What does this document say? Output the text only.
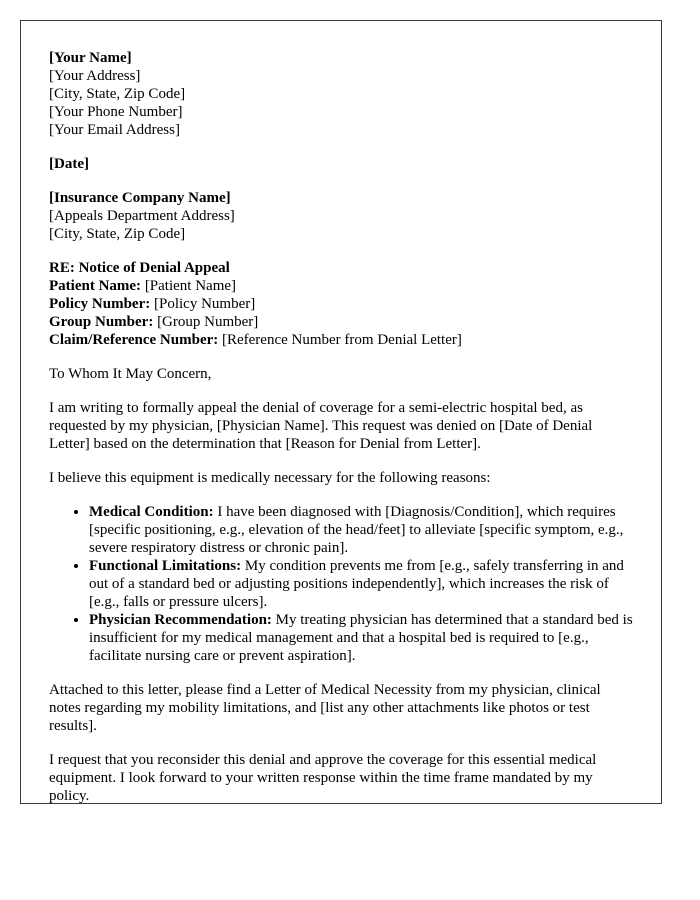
[Your Name]
[Your Address]
[City, State, Zip Code]
[Your Phone Number]
[Your Email Address]
[Date]
[Insurance Company Name]
[Appeals Department Address]
[City, State, Zip Code]
RE: Notice of Denial Appeal
Patient Name: [Patient Name]
Policy Number: [Policy Number]
Group Number: [Group Number]
Claim/Reference Number: [Reference Number from Denial Letter]

To Whom It May Concern,

I am writing to formally appeal the denial of coverage for a semi-electric hospital bed, as requested by my physician, [Physician Name]. This request was denied on [Date of Denial Letter] based on the determination that [Reason for Denial from Letter].

I believe this equipment is medically necessary for the following reasons:

• Medical Condition: I have been diagnosed with [Diagnosis/Condition], which requires [specific positioning, e.g., elevation of the head/feet] to alleviate [specific symptom, e.g., severe respiratory distress or chronic pain].
• Functional Limitations: My condition prevents me from [e.g., safely transferring in and out of a standard bed or adjusting positions independently], which increases the risk of [e.g., falls or pressure ulcers].
• Physician Recommendation: My treating physician has determined that a standard bed is insufficient for my medical management and that a hospital bed is required to [e.g., facilitate nursing care or prevent aspiration].

Attached to this letter, please find a Letter of Medical Necessity from my physician, clinical notes regarding my mobility limitations, and [list any other attachments like photos or test results].

I request that you reconsider this denial and approve the coverage for this essential medical equipment. I look forward to your written response within the time frame mandated by my policy.
